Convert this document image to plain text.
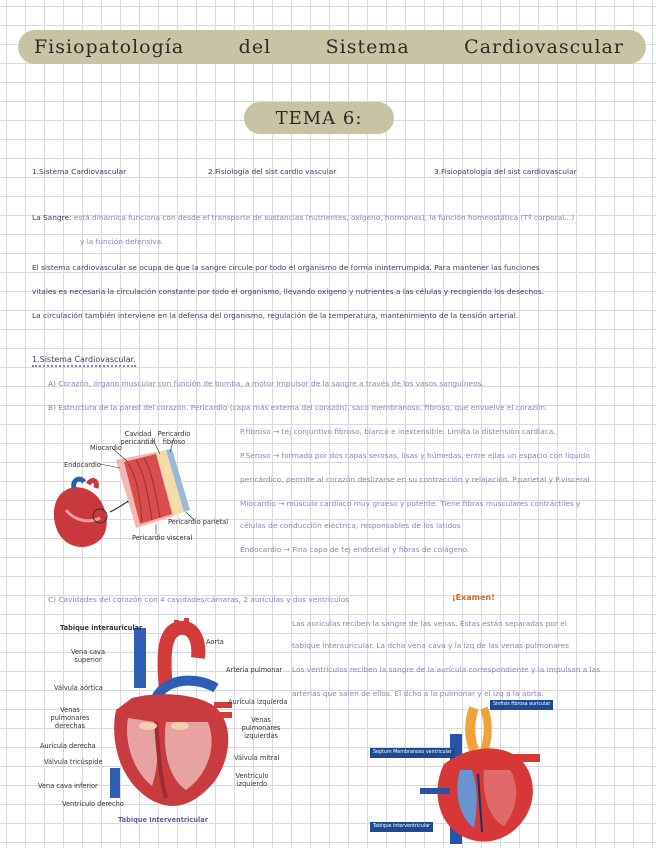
Fisiopatología	del	Sistema	Cardiovascular
TEMA 6:
1.Sistema Cardiovascular	2.Fisiología del sist cardio vascular	3.Fisiopatología del sist cardiovascular
La Sangre: está dinámica funciona con desde el transporte de sustancias (nutrientes, oxígeno, hormonas), la función homeostática (Tª corporal...)
y la función defensiva.
El sistema cardiovascular se ocupa de que la sangre circule por todo el organismo de forma ininterrumpida. Para mantener las funciones
vitales es necesaria la circulación constante por todo el organismo, llevando oxígeno y nutrientes a las células y recogiendo los desechos.
La circulación también interviene en la defensa del organismo, regulación de la temperatura, mantenimiento de la tensión arterial.
1.Sistema Cardiovascular.
A) Corazón, órgano muscular con función de bomba, a motor impulsor de la sangre a través de los vasos sanguíneos.
B) Estructura de la pared del corazón. Pericardio (capa más externa del corazón), saco membranoso, fibroso, que envuelve el corazón.
P.fibroso → tej conjuntivo fibroso, blanco e inextensible. Limita la distensión cardíaca.
P.Seroso → formado por dos capas serosas, lisas y húmedas, entre ellas un espacio con líquido
pericárdico, permite al corazón deslizarse en su contracción y relajación. P.parietal y P.visceral
Miocardio → músculo cardíaco muy grueso y potente. Tiene fibras musculares contráctiles y
células de conducción eléctrica, responsables de los latidos
Endocardio → Fina capa de tej endotelial y fibras de colágeno.
Cavidad pericardial
Pericardio fibroso
Miocardio
Endocardio
Pericardio parietal
Pericardio visceral
C) Cavidades del corazón con 4 cavidades/cámaras, 2 aurículas y dos ventrículos	¡Examen!
Las aurículas reciben la sangre de las venas. Estas están separadas por el
tabique interauricular. La dcha vena cava y la izq de las venas pulmonares
Los ventrículos reciben la sangre de la aurícula correspondiente y la impulsan a las
arterias que salen de ellos. El dcho a la pulmonar y el izq a la aorta.
Tabique interauricular
Vena cava superior
Válvula aórtica
Venas pulmonares derechas
Aurícula derecha
Válvula tricúspide
Vena cava inferior
Ventrículo derecho
Aorta
Arteria pulmonar
Aurícula izquierda
Venas pulmonares izquierdas
Válvula mitral
Ventrículo izquierdo
Tabique Interventricular
Sinfisis fibrosa auricular
Septum Membranoso ventricular
Tabique interventricular
